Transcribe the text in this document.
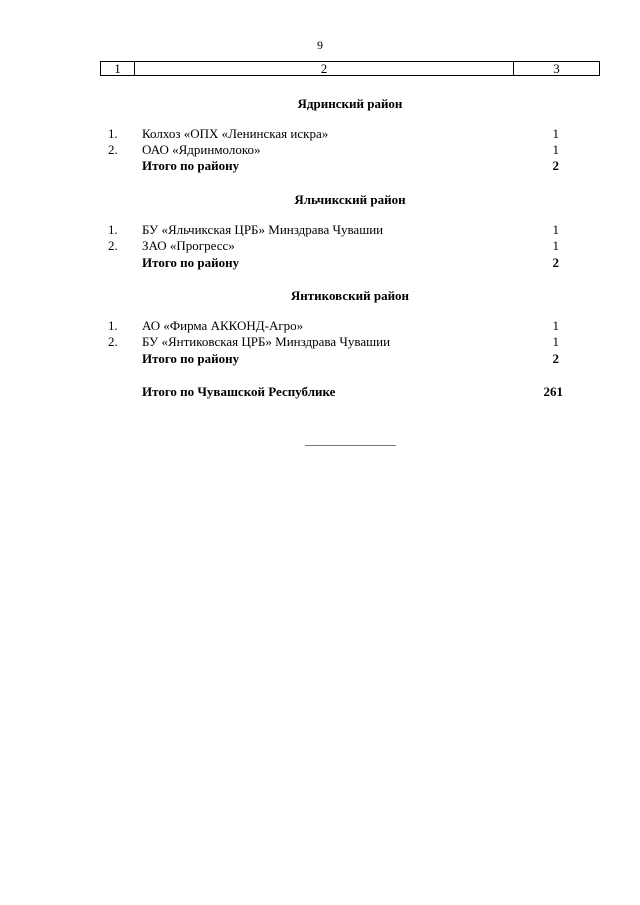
9
1	2	3
Ядринский район
1.	Колхоз «ОПХ «Ленинская искра»	1
2.	ОАО «Ядринмолоко»	1
Итого по району	2
Яльчикский район
1.	БУ «Яльчикская ЦРБ» Минздрава Чувашии	1
2.	ЗАО «Прогресс»	1
Итого по району	2
Янтиковский район
1.	АО «Фирма АККОНД-Агро»	1
2.	БУ «Янтиковская ЦРБ» Минздрава Чувашии	1
Итого по району	2
Итого по Чувашской Республике	261
